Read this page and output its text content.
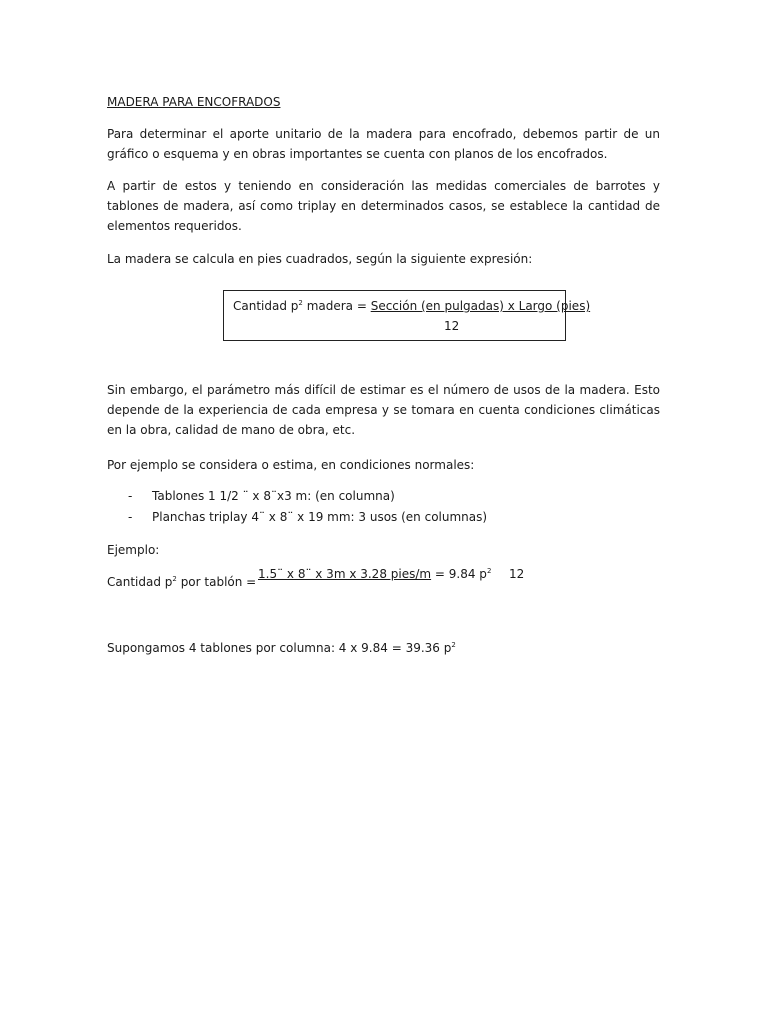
MADERA PARA ENCOFRADOS
Para determinar el aporte unitario de la madera para encofrado, debemos partir de un gráfico o esquema y en obras importantes se cuenta con planos de los encofrados.
A partir de estos y teniendo en consideración las medidas comerciales de barrotes y tablones de madera, así como triplay en determinados casos, se establece la cantidad de elementos requeridos.
La madera se calcula en pies cuadrados, según la siguiente expresión:
Cantidad $p^2$ madera = Sección (en pulgadas) x Largo (pies)
12
Sin embargo, el parámetro más difícil de estimar es el número de usos de la madera. Esto depende de la experiencia de cada empresa y se tomara en cuenta condiciones climáticas en la obra, calidad de mano de obra, etc.
Por ejemplo se considera o estima, en condiciones normales:
- Tablones 1 1/2 ¨ x 8¨x3 m: (en columna)
- Planchas triplay 4¨ x 8¨ x 19 mm: 3 usos (en columnas)
Ejemplo:
Cantidad $p^2$ por tablón =
1.5¨ x 8¨ x 3m x 3.28 pies/m = 9.84 $p^2$ 12
Supongamos 4 tablones por columna: 4 x 9.84 = 39.36 $p^2$
